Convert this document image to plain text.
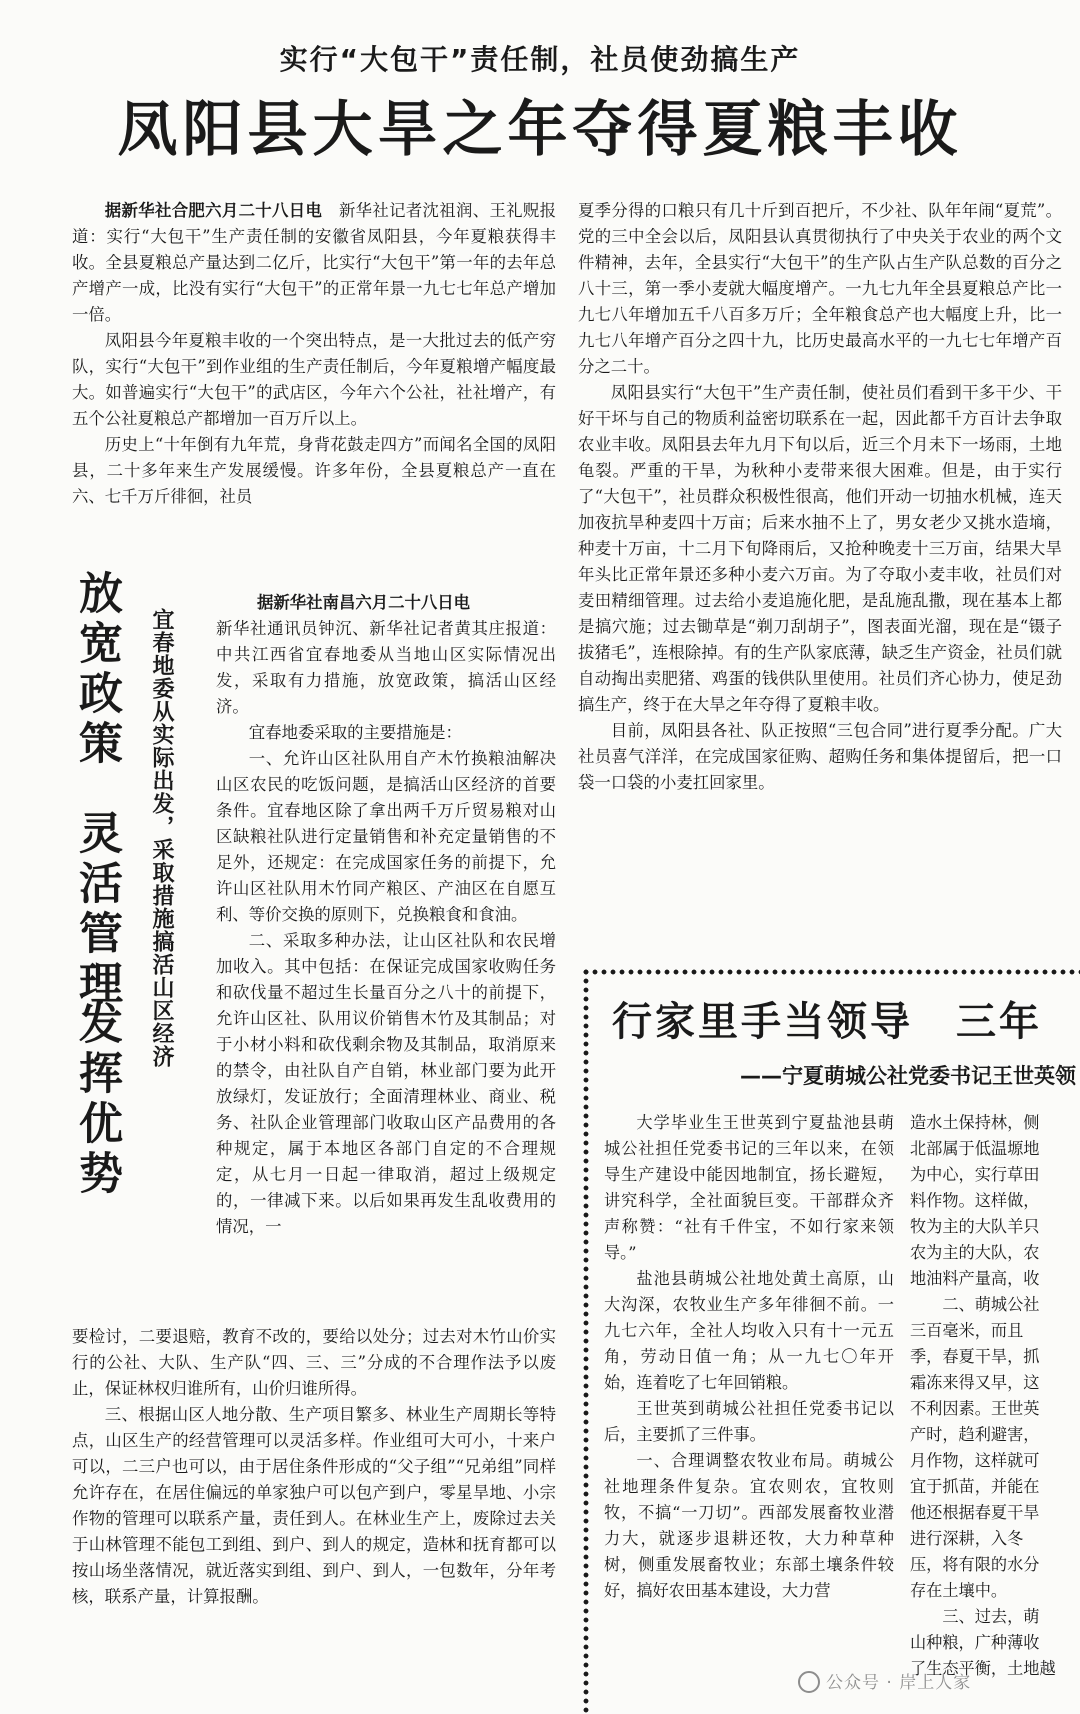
实行“大包干”责任制，社员使劲搞生产
凤阳县大旱之年夺得夏粮丰收

据新华社合肥六月二十八日电　 新华社记者沈祖润、王礼贶报道：实行“大包干”生产责任制的安徽省凤阳县，今年夏粮获得丰收。全县夏粮总产量达到二亿斤，比实行“大包干”第一年的去年总产增产一成，比没有实行“大包干”的正常年景一九七七年总产增加一倍。

凤阳县今年夏粮丰收的一个突出特点，是一大批过去的低产穷队，实行“大包干”到作业组的生产责任制后，今年夏粮增产幅度最大。如普遍实行“大包干”的武店区，今年六个公社，社社增产，有五个公社夏粮总产都增加一百万斤以上。

历史上“十年倒有九年荒，身背花鼓走四方”而闻名全国的凤阳县，二十多年来生产发展缓慢。许多年份，全县夏粮总产一直在六、七千万斤徘徊，社员

夏季分得的口粮只有几十斤到百把斤，不少社、队年年闹“夏荒”。党的三中全会以后，凤阳县认真贯彻执行了中央关于农业的两个文件精神，去年，全县实行“大包干”的生产队占生产队总数的百分之八十三，第一季小麦就大幅度增产。一九七九年全县夏粮总产比一九七八年增加五千八百多万斤；全年粮食总产也大幅度上升，比一九七八年增产百分之四十九，比历史最高水平的一九七七年增产百分之二十。

凤阳县实行“大包干”生产责任制，使社员们看到干多干少、干好干坏与自己的物质利益密切联系在一起，因此都千方百计去争取农业丰收。凤阳县去年九月下旬以后，近三个月未下一场雨，土地龟裂。严重的干旱，为秋种小麦带来很大困难。但是，由于实行了“大包干”，社员群众积极性很高，他们开动一切抽水机械，连天加夜抗旱种麦四十万亩；后来水抽不上了，男女老少又挑水造墒，种麦十万亩，十二月下旬降雨后，又抢种晚麦十三万亩，结果大旱年头比正常年景还多种小麦六万亩。为了夺取小麦丰收，社员们对麦田精细管理。过去给小麦追施化肥，是乱施乱撒，现在基本上都是搞穴施；过去锄草是“剃刀刮胡子”，图表面光溜，现在是“镊子拔猪毛”，连根除掉。有的生产队家底薄，缺乏生产资金，社员们就自动掏出卖肥猪、鸡蛋的钱供队里使用。社员们齐心协力，使足劲搞生产，终于在大旱之年夺得了夏粮丰收。

目前，凤阳县各社、队正按照“三包合同”进行夏季分配。广大社员喜气洋洋，在完成国家征购、超购任务和集体提留后，把一口袋一口袋的小麦扛回家里。

放宽政策
灵活管理
发挥优势
宜春地委从实际出发，采取措施搞活山区经济

据新华社南昌六月二十八日电

新华社通讯员钟沉、新华社记者黄其庄报道：中共江西省宜春地委从当地山区实际情况出发，采取有力措施，放宽政策，搞活山区经济。

宜春地委采取的主要措施是：

一、允许山区社队用自产木竹换粮油解决山区农民的吃饭问题，是搞活山区经济的首要条件。宜春地区除了拿出两千万斤贸易粮对山区缺粮社队进行定量销售和补充定量销售的不足外，还规定：在完成国家任务的前提下，允许山区社队用木竹同产粮区、产油区在自愿互利、等价交换的原则下，兑换粮食和食油。

二、采取多种办法，让山区社队和农民增加收入。其中包括：在保证完成国家收购任务和砍伐量不超过生长量百分之八十的前提下，允许山区社、队用议价销售木竹及其制品；对于小材小料和砍伐剩余物及其制品，取消原来的禁令，由社队自产自销，林业部门要为此开放绿灯，发证放行；全面清理林业、商业、税务、社队企业管理部门收取山区产品费用的各种规定，属于本地区各部门自定的不合理规定，从七月一日起一律取消，超过上级规定的，一律减下来。以后如果再发生乱收费用的情况，一

要检讨，二要退赔，教育不改的，要给以处分；过去对木竹山价实行的公社、大队、生产队“四、三、三”分成的不合理作法予以废止，保证林权归谁所有，山价归谁所得。

三、根据山区人地分散、生产项目繁多、林业生产周期长等特点，山区生产的经营管理可以灵活多样。作业组可大可小，十来户可以，二三户也可以，由于居住条件形成的“父子组”“兄弟组”同样允许存在，在居住偏远的单家独户可以包产到户，零星旱地、小宗作物的管理可以联系产量，责任到人。在林业生产上，废除过去关于山林管理不能包工到组、到户、到人的规定，造林和抚育都可以按山场坐落情况，就近落实到组、到户、到人，一包数年，分年考核，联系产量，计算报酬。

行家里手当领导　三年
——宁夏萌城公社党委书记王世英领

大学毕业生王世英到宁夏盐池县萌城公社担任党委书记的三年以来，在领导生产建设中能因地制宜，扬长避短，讲究科学，全社面貌巨变。干部群众齐声称赞：“社有千件宝，不如行家来领导。”

盐池县萌城公社地处黄土高原，山大沟深，农牧业生产多年徘徊不前。一九七六年，全社人均收入只有十一元五角，劳动日值一角；从一九七〇年开始，连着吃了七年回销粮。

王世英到萌城公社担任党委书记以后，主要抓了三件事。

一、合理调整农牧业布局。萌城公社地理条件复杂。宜农则农，宜牧则牧，不搞“一刀切”。西部发展畜牧业潜力大，就逐步退耕还牧，大力种草种树，侧重发展畜牧业；东部土壤条件较好，搞好农田基本建设，大力营

造水土保持林，侧
北部属于低温塬地
为中心，实行草田
料作物。这样做，
牧为主的大队羊只
农为主的大队，农
地油料产量高，收
　　二、萌城公社
三百毫米，而且
季，春夏干旱，抓
霜冻来得又早，这
不利因素。王世英
产时，趋利避害，
月作物，这样就可
宜于抓苗，并能在
他还根据春夏干旱
进行深耕，入冬
压，将有限的水分
存在土壤中。
　　三、过去，萌
山种粮，广种薄收
了生态平衡，土地越
公众号 · 岸上人家
